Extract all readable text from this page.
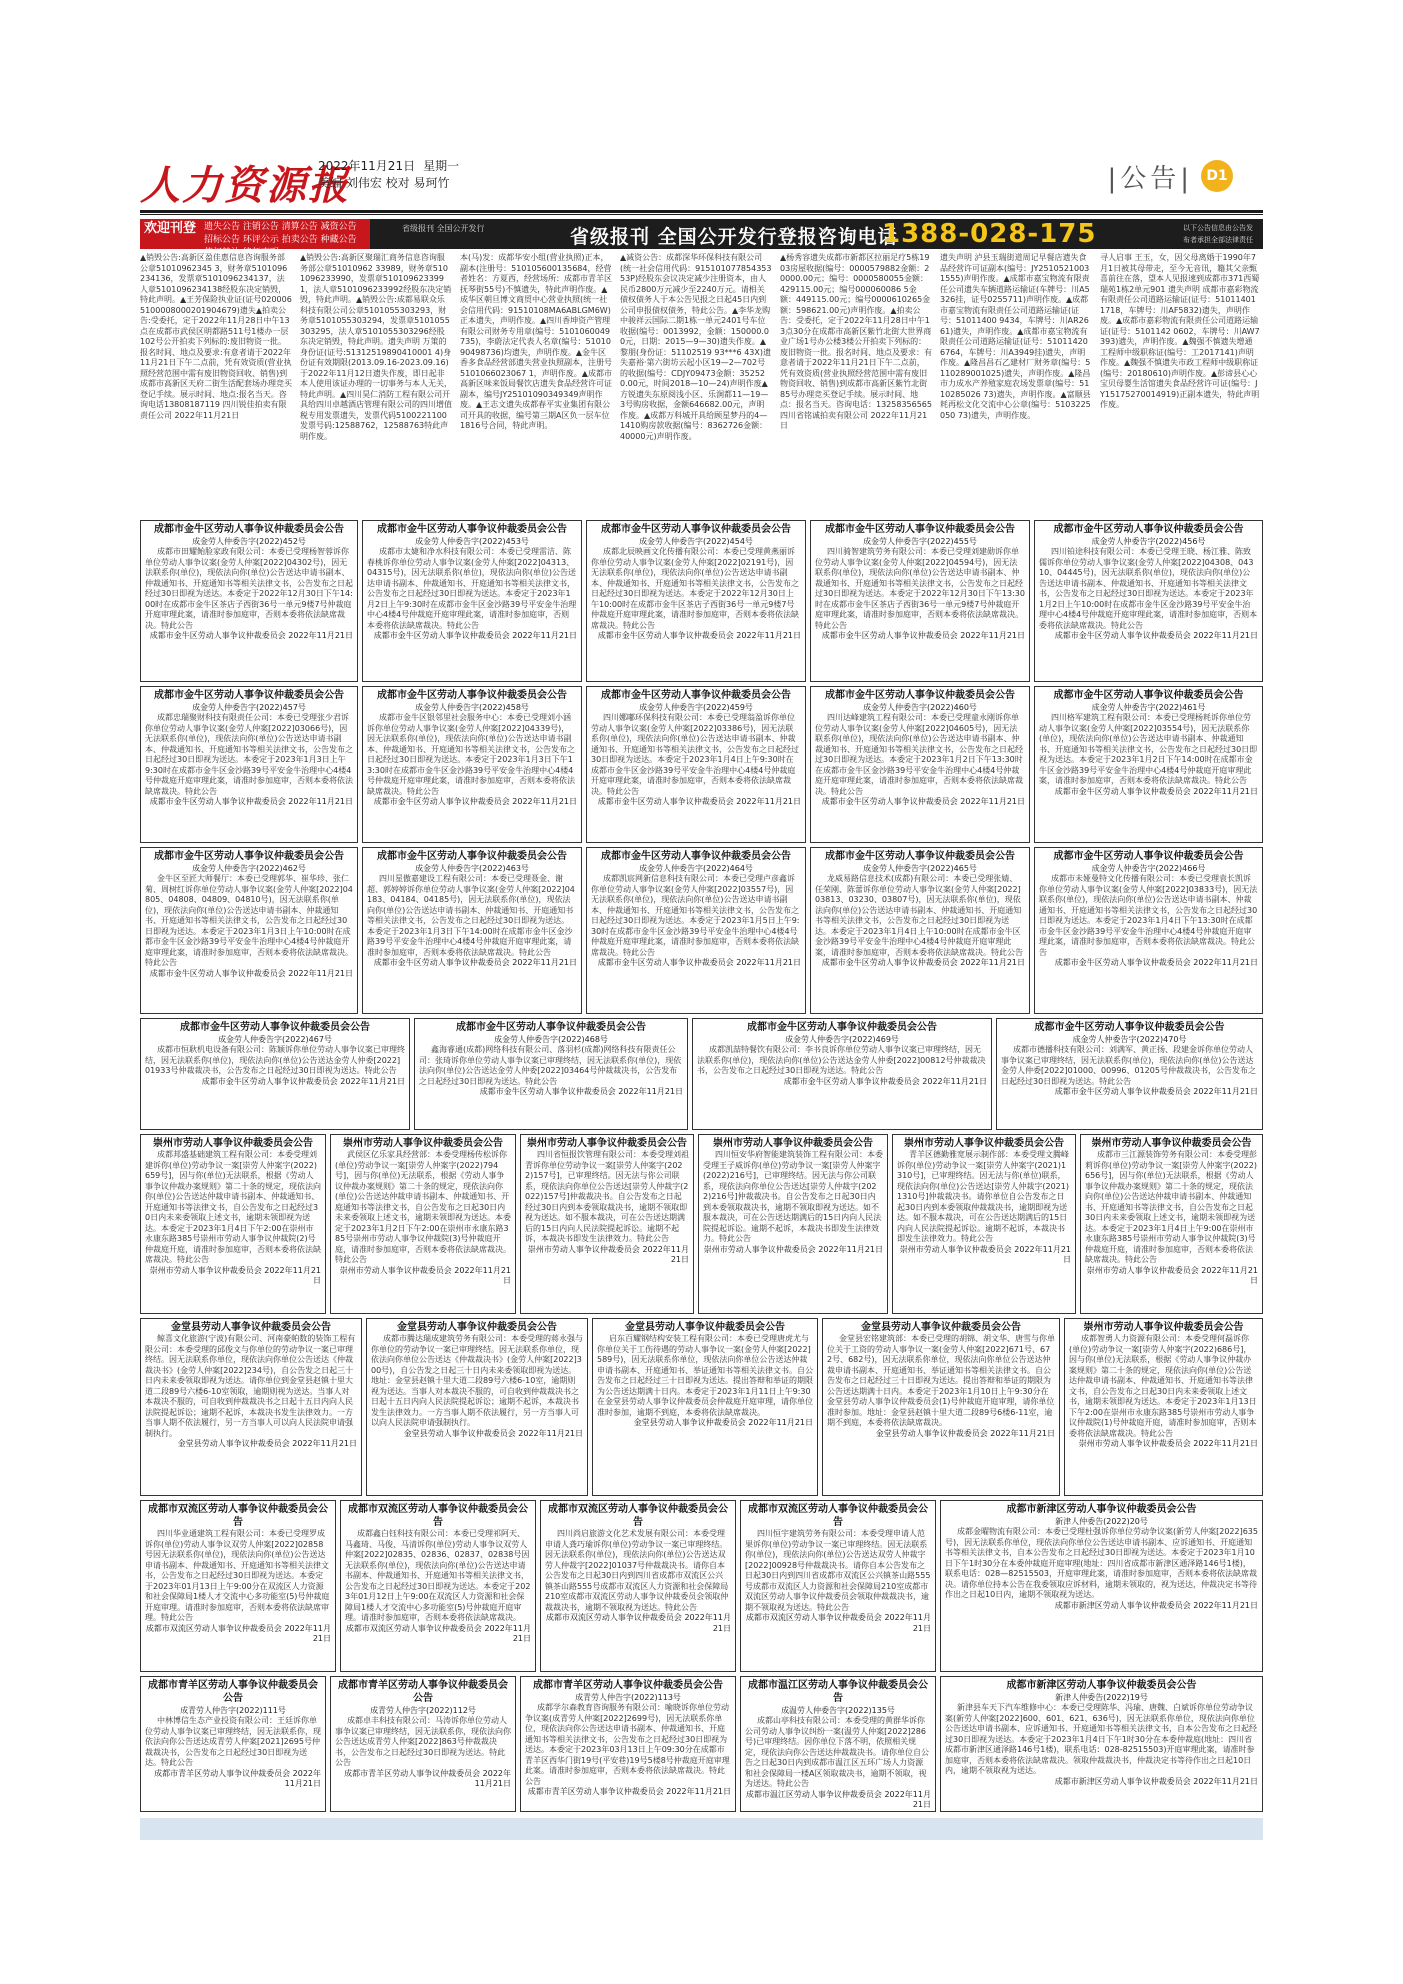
人力资源报
2022年11月21日 星期一
美编 刘伟宏 校对 易珂竹	|公告| D1
欢迎刊登 遗失公告 注销公告 清算公告 减资公告 招标公告 环评公示 拍卖公告 种藏公告
省级报刊 全国公开发行	省级报刊 全国公开发行登报咨询电话
1388-028-175	以下公告信息由公告发布者承担全部法律责任
▲销毁公告:高新区盈佳惠信息咨询服务部公章51010962345 3，财务章5101096234136，发票章5101096234137，法人章5101096234138经股东决定销毁，特此声明。▲王芳保险执业证(证号0200065100008000201904679)遗失▲拍卖公告:受委托，定于2022年11月28日中午13点在成都市武侯区明都路511号1楼办一层102号公开拍卖下列标的:废旧物资一批。报名时间、地点及要求:有意者请于2022年11月21日下午二点前，凭有效资质(营业执照经营范围中需有废旧物资回收、销售)到成都市高新区天府二街生活配套场办理竞买登记手续。展示时间、地点:报名当天。咨询电话13808187119 四川锐佳拍卖有限责任公司 2022年11月21日
▲销毁公告:高新区聚瑞汇商务信息咨询服务部公章51010962 33989，财务章5101096233990，发票章5101096233991，法人章5101096233992经股东决定销毁，特此声明。▲销毁公告:成都易联众乐科技有限公司公章5101055303293，财务章5101055303294，发票章5101055303295，法人章5101055303296经股东决定销毁，特此声明。遗失声明 万策的身份证(证号:51312519890410001 4)身份证有效期限(2013.09.16-2023.09.16)于2022年11月12日遗失作废，即日起非本人使用该证办理的一切事务与本人无关，特此声明。▲四川昊仁消防工程有限公司开具给四川卓越酒店管理有限公司的四川增值税专用发票遗失，发票代码5100221100发票号码:12588762，12588763特此声明作废。
本(马)发：成都华安小组(营业执照)正本，副本(注册号：510105600135684，经营者姓名：方夏西，经营场所：成都市青羊区抚琴街55号)不慎遗失，特此声明作废。▲成华区朝旦博文商贸中心营业执照(统一社会信用代码：91510108MA6ABLGM6W)正本遗失，声明作废。▲四川香坤资产管理有限公司财务专用章(编号：5101060049 735)，李蔚法定代表人名章(编号：5101090498736)均遗失，声明作废。▲金牛区香多食品经营部遗失营业执照副本，注册号5101066023067 1，声明作废。▲成都市高新区味来饭局餐饮店遗失食品经营许可证副本，编号JY25101090349349声明作废。▲王志文遗失成都春平实业集团有限公司开具的收据，编号第三期A区负一层车位1816号合同，特此声明。
▲减资公告：成都深华环保科技有限公司(统一社会信用代码：91510107785435353P)经股东会议决定减少注册资本，由人民币2800万元减少至2240万元。请相关债权债务人于本公告见报之日起45日内到公司申报债权债务，特此公告。▲李华龙购中骏祥云国际二期1栋一单元2401号车位收据(编号：0013992，金额：150000.00元，日期：2015—9—30)遗失作废。▲黎朋(身份证：51102519 93***6 43X)遗失嘉裕·第六街坊云起小区19—2—702号的收据(编号：CDJY09473金额：352520.00元，时间2018—10—24)声明作废▲方锐遗失东原阅浅小区、乐涧都11—19—3号购房收据，金额646682.00元，声明作废。▲成都万科城开具给顾星梦丹的4—1410购房款收据(编号：8362726金额：40000元)声明作废。
▲杨秀容遗失成都市新都区拉丽足疗5栋1903房屋收据(编号：0000579882金额：20000.00元；编号：0000580055金额：429115.00元；编号000060086 5金额：449115.00元；编号0000610265金额：598621.00元)声明作废。▲拍卖公告：受委托，定于2022年11月28日中午13点30分在成都市高新区紫竹北街大世界商业广场1号办公楼3楼公开拍卖下列标的：废旧物资一批。报名时间、地点及要求：有意者请于2022年11月21日下午二点前，凭有效资质(营业执照经营范围中需有废旧物资回收、销售)到成都市高新区紫竹北街85号办理竞买登记手续。展示时间、地点：报名当天。咨询电话：13258356565 四川省铭诚拍卖有限公司 2022年11月21日
遗失声明 泸县玉瑞街道周记早餐店遗失食品经营许可证副本(编号：JY25105210031555)声明作废。▲成都市嘉宝物流有限责任公司遗失车辆道路运输证(车牌号：川A5326挂，证号0255711)声明作废。▲成都市嘉宝物流有限责任公司道路运输证(证号：51011400 9434，车牌号：川AR2661)遗失，声明作废。▲成都市嘉宝物流有限责任公司道路运输证(证号：51011420 6764，车牌号：川A3949挂)遗失，声明作废。▲隆昌昌石乙建材厂财务章(编号：5110289001025)遗失，声明作废。▲隆昌市力成水产养殖家庭农场发票章(编号：5110285026 73)遗失，声明作废。▲富顺县耗再松文化交流中心公章(编号：5103225050 73)遗失，声明作废。
寻人启事 王玉，女，因父母离婚于1990年7月1日被其母带走，至今无音讯，籍其父亲甄喜前往在落，望本人见报速到成都市371西蜀瑞苑1栋2单元901 遗失声明 成都市嘉彩物流有限责任公司道路运输证(证号：51011401 1718，车牌号：川AF5832)遗失，声明作废。▲成都市嘉彩物流有限责任公司道路运输证(证号：5101142 0602，车牌号：川AW7393)遗失，声明作废。▲魏强不慎遗失增通工程师中级职称证(编号：工2017141)声明作废。▲魏强不慎遗失市政工程师中级职称证(编号：20180610)声明作废。▲彭谛县心心宝贝母婴生活馆遗失食品经营许可证(编号：JY15175270014919)正副本遗失，特此声明作废。
成都市金牛区劳动人事争议仲裁委员会公告
成金劳人仲委告字(2022)452号
成都市田耀鲐脸家政有限公司：本委已受理杨智蓉诉你单位劳动人事争议案(金劳人仲案[2022]04302号)，因无法联系你(单位)，现依法向你(单位)公告送达申请书副本、仲裁通知书、开庭通知书等相关法律文书，公告发布之日起经过30日即视为送达。本委定于2022年12月30日下午14:00时在成都市金牛区茶店子西街36号一单元9楼7号仲裁庭开庭审理此案，请准时参加庭审，否则本委将依法缺席裁决。特此公告
成都市金牛区劳动人事争议仲裁委员会 2022年11月21日
成都市金牛区劳动人事争议仲裁委员会公告
成金劳人仲委告字(2022)453号
成都市太婕和净水科技有限公司：本委已受理雷洁、陈春桃诉你单位劳动人事争议案(金劳人仲案[2022]04313、04315号)，因无法联系你(单位)，现依法向你(单位)公告送达申请书副本、仲裁通知书、开庭通知书等相关法律文书，公告发布之日起经过30日即视为送达。本委定于2023年1月2日上午9:30时在成都市金牛区金沙路39号平安金牛治理中心4楼4号仲裁庭开庭审理此案，请准时参加庭审，否则本委将依法缺席裁决。特此公告
成都市金牛区劳动人事争议仲裁委员会 2022年11月21日
成都市金牛区劳动人事争议仲裁委员会公告
成金劳人仲委告字(2022)454号
成都北辰映画文化传播有限公司：本委已受理黄燕丽诉你单位劳动人事争议案(金劳人仲案[2022]02191号)，因无法联系你(单位)，现依法向你(单位)公告送达申请书副本、仲裁通知书、开庭通知书等相关法律文书，公告发布之日起经过30日即视为送达。本委定于2022年12月30日上午10:00时在成都市金牛区茶店子西街36号一单元9楼7号仲裁庭开庭审理此案，请准时参加庭审，否则本委将依法缺席裁决。特此公告
成都市金牛区劳动人事争议仲裁委员会 2022年11月21日
成都市金牛区劳动人事争议仲裁委员会公告
成金劳人仲委告字(2022)455号
四川骑智建筑劳务有限公司：本委已受理刘建勋诉你单位劳动人事争议案(金劳人仲案[2022]04594号)，因无法联系你(单位)，现依法向你(单位)公告送达申请书副本、仲裁通知书、开庭通知书等相关法律文书，公告发布之日起经过30日即视为送达。本委定于2022年12月30日下午13:30时在成都市金牛区茶店子西街36号一单元9楼7号仲裁庭开庭审理此案，请准时参加庭审，否则本委将依法缺席裁决。特此公告
成都市金牛区劳动人事争议仲裁委员会 2022年11月21日
成都市金牛区劳动人事争议仲裁委员会公告
成金劳人仲委告字(2022)456号
四川铂途科技有限公司：本委已受理王晓、杨江雅、陈致儒诉你单位劳动人事争议案(金劳人仲案[2022]04308、04310、04445号)，因无法联系你(单位)，现依法向你(单位)公告送达申请书副本、仲裁通知书、开庭通知书等相关法律文书，公告发布之日起经过30日即视为送达。本委定于2023年1月2日上午10:00时在成都市金牛区金沙路39号平安金牛治理中心4楼4号仲裁庭开庭审理此案，请准时参加庭审，否则本委将依法缺席裁决。特此公告
成都市金牛区劳动人事争议仲裁委员会 2022年11月21日
成都市金牛区劳动人事争议仲裁委员会公告
成金劳人仲委告字(2022)457号
成都忠瑞聚财科技有限责任公司：本委已受理张少君诉你单位劳动人事争议案(金劳人仲案[2022]03066号)，因无法联系你(单位)，现依法向你(单位)公告送达申请书副本、仲裁通知书、开庭通知书等相关法律文书，公告发布之日起经过30日即视为送达。本委定于2023年1月3日上午9:30时在成都市金牛区金沙路39号平安金牛治理中心4楼4号仲裁庭开庭审理此案，请准时参加庭审，否则本委将依法缺席裁决。特此公告
成都市金牛区劳动人事争议仲裁委员会 2022年11月21日
成都市金牛区劳动人事争议仲裁委员会公告
成金劳人仲委告字(2022)458号
成都市金牛区银邻里社会服务中心：本委已受理刘小涵诉你单位劳动人事争议案(金劳人仲案[2022]04339号)，因无法联系你(单位)，现依法向你(单位)公告送达申请书副本、仲裁通知书、开庭通知书等相关法律文书，公告发布之日起经过30日即视为送达。本委定于2023年1月3日下午13:30时在成都市金牛区金沙路39号平安金牛治理中心4楼4号仲裁庭开庭审理此案，请准时参加庭审，否则本委将依法缺席裁决。特此公告
成都市金牛区劳动人事争议仲裁委员会 2022年11月21日
成都市金牛区劳动人事争议仲裁委员会公告
成金劳人仲委告字(2022)459号
四川娜嘟环保科技有限公司：本委已受理翁盈诉你单位劳动人事争议案(金劳人仲案[2022]03386号)，因无法联系你(单位)，现依法向你(单位)公告送达申请书副本、仲裁通知书、开庭通知书等相关法律文书，公告发布之日起经过30日即视为送达。本委定于2023年1月4日上午9:30时在成都市金牛区金沙路39号平安金牛治理中心4楼4号仲裁庭开庭审理此案，请准时参加庭审，否则本委将依法缺席裁决。特此公告
成都市金牛区劳动人事争议仲裁委员会 2022年11月21日
成都市金牛区劳动人事争议仲裁委员会公告
成金劳人仲委告字(2022)460号
四川达峰建筑工程有限公司：本委已受理童永刚诉你单位劳动人事争议案(金劳人仲案[2022]04605号)，因无法联系你(单位)，现依法向你(单位)公告送达申请书副本、仲裁通知书、开庭通知书等相关法律文书，公告发布之日起经过30日即视为送达。本委定于2023年1月2日下午13:30时在成都市金牛区金沙路39号平安金牛治理中心4楼4号仲裁庭开庭审理此案，请准时参加庭审，否则本委将依法缺席裁决。特此公告
成都市金牛区劳动人事争议仲裁委员会 2022年11月21日
成都市金牛区劳动人事争议仲裁委员会公告
成金劳人仲委告字(2022)461号
四川格军建筑工程有限公司：本委已受理杨耗诉你单位劳动人事争议案(金劳人仲案[2022]03554号)，因无法联系你(单位)，现依法向你(单位)公告送达申请书副本、仲裁通知书、开庭通知书等相关法律文书，公告发布之日起经过30日即视为送达。本委定于2023年1月2日下午14:00时在成都市金牛区金沙路39号平安金牛治理中心4楼4号仲裁庭开庭审理此案，请准时参加庭审，否则本委将依法缺席裁决。特此公告
成都市金牛区劳动人事争议仲裁委员会 2022年11月21日
成都市金牛区劳动人事争议仲裁委员会公告
成金劳人仲委告字(2022)462号
金牛区至匠大师餐厅：本委已受理郭华、崔华珍、张仁菊、周树红诉你单位劳动人事争议案(金劳人仲案[2022]04805、04808、04809、04810号)，因无法联系你(单位)，现依法向你(单位)公告送达申请书副本、仲裁通知书、开庭通知书等相关法律文书，公告发布之日起经过30日即视为送达。本委定于2023年1月3日上午10:00时在成都市金牛区金沙路39号平安金牛治理中心4楼4号仲裁庭开庭审理此案，请准时参加庭审，否则本委将依法缺席裁决。特此公告
成都市金牛区劳动人事争议仲裁委员会 2022年11月21日
成都市金牛区劳动人事争议仲裁委员会公告
成金劳人仲委告字(2022)463号
四川星傲嘉建设工程有限公司：本委已受理聂金、谢超、郭婷婷诉你单位劳动人事争议案(金劳人仲案[2022]04183、04184、04185号)，因无法联系你(单位)，现依法向你(单位)公告送达申请书副本、仲裁通知书、开庭通知书等相关法律文书，公告发布之日起经过30日即视为送达。本委定于2023年1月3日下午14:00时在成都市金牛区金沙路39号平安金牛治理中心4楼4号仲裁庭开庭审理此案，请准时参加庭审，否则本委将依法缺席裁决。特此公告
成都市金牛区劳动人事争议仲裁委员会 2022年11月21日
成都市金牛区劳动人事争议仲裁委员会公告
成金劳人仲委告字(2022)464号
成都凯宸网新信息科技有限公司：本委已受理卢彦鑫诉你单位劳动人事争议案(金劳人仲案[2022]03557号)，因无法联系你(单位)，现依法向你(单位)公告送达申请书副本、仲裁通知书、开庭通知书等相关法律文书，公告发布之日起经过30日即视为送达。本委定于2023年1月5日上午9:30时在成都市金牛区金沙路39号平安金牛治理中心4楼4号仲裁庭开庭审理此案，请准时参加庭审，否则本委将依法缺席裁决。特此公告
成都市金牛区劳动人事争议仲裁委员会 2022年11月21日
成都市金牛区劳动人事争议仲裁委员会公告
成金劳人仲委告字(2022)465号
龙威易路信息技术(成都)有限公司：本委已受理张婧、任荣刚、陈蕾诉你单位劳动人事争议案(金劳人仲案[2022]03813、03230、03807号)，因无法联系你(单位)，现依法向你(单位)公告送达申请书副本、仲裁通知书、开庭通知书等相关法律文书，公告发布之日起经过30日即视为送达。本委定于2023年1月4日上午10:00时在成都市金牛区金沙路39号平安金牛治理中心4楼4号仲裁庭开庭审理此案，请准时参加庭审，否则本委将依法缺席裁决。特此公告
成都市金牛区劳动人事争议仲裁委员会 2022年11月21日
成都市金牛区劳动人事争议仲裁委员会公告
成金劳人仲委告字(2022)466号
成都市未娅曼特文化传播有限公司：本委已受理袁长凯诉你单位劳动人事争议案(金劳人仲案[2022]03833号)，因无法联系你(单位)，现依法向你(单位)公告送达申请书副本、仲裁通知书、开庭通知书等相关法律文书，公告发布之日起经过30日即视为送达。本委定于2023年1月4日下午13:30时在成都市金牛区金沙路39号平安金牛治理中心4楼4号仲裁庭开庭审理此案，请准时参加庭审，否则本委将依法缺席裁决。特此公告
成都市金牛区劳动人事争议仲裁委员会 2022年11月21日
成都市金牛区劳动人事争议仲裁委员会公告
成金劳人仲委告字(2022)467号
成都市恒耿机电设备有限公司：陈颖诉你单位劳动人事争议案已审理终结，因无法联系你(单位)，现依法向你(单位)公告送达金劳人仲委[2022]01933号仲裁裁决书，公告发布之日起经过30日即视为送达。特此公告
成都市金牛区劳动人事争议仲裁委员会 2022年11月21日
成都市金牛区劳动人事争议仲裁委员会公告
成金劳人仲委告字(2022)468号
鑫海睿通(成都)网络科技有限公司、落羽杉(成都)网络科技有限责任公司：张琦诉你单位劳动人事争议案已审理终结，因无法联系你(单位)，现依法向你(单位)公告送达金劳人仲委[2022]03464号仲裁裁决书，公告发布之日起经过30日即视为送达。特此公告
成都市金牛区劳动人事争议仲裁委员会 2022年11月21日
成都市金牛区劳动人事争议仲裁委员会公告
成金劳人仲委告字(2022)469号
成都凯喆特餐饮有限公司：李书良诉你单位劳动人事争议案已审理终结，因无法联系你(单位)，现依法向你(单位)公告送达金劳人仲委[2022]00812号仲裁裁决书，公告发布之日起经过30日即视为送达。特此公告
成都市金牛区劳动人事争议仲裁委员会 2022年11月21日
成都市金牛区劳动人事争议仲裁委员会公告
成金劳人仲委告字(2022)470号
成都市德播科技有限公司：刘满军、黄正扬、段建金诉你单位劳动人事争议案已审理终结，因无法联系你(单位)，现依法向你(单位)公告送达金劳人仲委[2022]01000、00996、01205号仲裁裁决书，公告发布之日起经过30日即视为送达。特此公告
成都市金牛区劳动人事争议仲裁委员会 2022年11月21日
崇州市劳动人事争议仲裁委员会公告
成都邦盛基础建筑工程有限公司：本委受理刘建诉你(单位)劳动争议一案[崇劳人仲案字(2022)659号]，因与你(单位)无法联系，根据《劳动人事争议仲裁办案规则》第二十条的规定，现依法向你(单位)公告送达仲裁申请书副本、仲裁通知书、开庭通知书等法律文书，自公告发布之日起经过30日内未来委领取上述文书，逾期未领即视为送达。本委定于2023年1月4日下午2:00在崇州市永康东路385号崇州市劳动人事争议仲裁院(2)号仲裁庭开庭，请准时参加庭审，否则本委将依法缺席裁决。特此公告
崇州市劳动人事争议仲裁委员会 2022年11月21日
崇州市劳动人事争议仲裁委员会公告
武侯区亿乐家具经营部：本委受理杨传松诉你(单位)劳动争议一案[崇劳人仲案字(2022)794号]，因与你(单位)无法联系，根据《劳动人事争议仲裁办案规则》第二十条的规定，现依法向你(单位)公告送达仲裁申请书副本、仲裁通知书、开庭通知书等法律文书，自公告发布之日起30日内未来委领取上述文书，逾期未领即视为送达。本委定于2023年1月2日下午2:00在崇州市永康东路385号崇州市劳动人事争议仲裁院(3)号仲裁庭开庭，请准时参加庭审，否则本委将依法缺席裁决。特此公告
崇州市劳动人事争议仲裁委员会 2022年11月21日
崇州市劳动人事争议仲裁委员会公告
四川省恒报饮管理有限公司：本委受理刘祖青诉你单位劳动争议一案[崇劳人仲案字(2022)157号]，已审理终结。因无法与你公司联系，现依法向你单位公告送达[崇劳人仲裁字(2022)157号]仲裁裁决书。自公告发布之日起经过30日内到本委领取裁决书，逾期不领取即视为送达。如不服本裁决，可在公告送达期满后的15日内向人民法院提起诉讼。逾期不起诉，本裁决书即发生法律效力。特此公告
崇州市劳动人事争议仲裁委员会 2022年11月21日
崇州市劳动人事争议仲裁委员会公告
四川恒安华府智能建筑装饰工程有限公司：本委受理王子威诉你(单位)劳动争议一案[崇劳人仲案字(2022)216号]，已审理终结。因无法与你公司联系，现依法向你单位公告送达[崇劳人仲裁字(2022)216号]仲裁裁决书。自公告发布之日起30日内到本委领取裁决书，逾期不领取即视为送达。如不服本裁决，可在公告送达期满后的15日内向人民法院提起诉讼。逾期不起诉，本裁决书即发生法律效力。特此公告
崇州市劳动人事争议仲裁委员会 2022年11月21日
崇州市劳动人事争议仲裁委员会公告
青羊区德勤雅宽展示制作部：本委受理文腾峰诉你(单位)劳动争议一案[崇劳人仲案字(2021)1310号]，已审理终结。因无法与你(单位)联系，现依法向你(单位)公告送达[崇劳人仲裁字(2021)1310号]仲裁裁决书。请你单位自公告发布之日起30日内到本委领取仲裁裁决书，逾期即视为送达。如不服本裁决，可在公告送达期满后的15日内向人民法院提起诉讼。逾期不起诉，本裁决书即发生法律效力。特此公告
崇州市劳动人事争议仲裁委员会 2022年11月21日
崇州市劳动人事争议仲裁委员会公告
成都市三江源装饰劳务有限公司：本委受理彭莉诉你(单位)劳动争议一案[崇劳人仲案字(2022)656号]，因与你(单位)无法联系，根据《劳动人事争议仲裁办案规则》第二十条的规定，现依法向你(单位)公告送达仲裁申请书副本、仲裁通知书、开庭通知书等法律文书，自公告发布之日起30日内未来委领取上述文书，逾期未领即视为送达。本委定于2023年1月4日上午9:00在崇州市永康东路385号崇州市劳动人事争议仲裁院(3)号仲裁庭开庭，请准时参加庭审，否则本委将依法缺席裁决。特此公告
崇州市劳动人事争议仲裁委员会 2022年11月21日
金堂县劳动人事争议仲裁委员会公告
鲸喜文化旅游(宁波)有限公司、河南豪帕数的装饰工程有限公司：本委受理的邱俊文与你单位的劳动争议一案已审理终结。因无法联系你单位，现依法向你单位公告送达《仲裁裁决书》(金劳人仲案[2022]234号)，自公告发之日起三十日内未来委领取即视为送达。请你单位到金堂县赵镇十里大道二段89号六楼6-10室领取，逾期则视为送达。当事人对本裁决不服的，可自收到仲裁裁决书之日起十五日内向人民法院提起诉讼；逾期不起诉，本裁决书发生法律效力。一方当事人期不依法履行，另一方当事人可以向人民法院申请强制执行。
金堂县劳动人事争议仲裁委员会 2022年11月21日
金堂县劳动人事争议仲裁委员会公告
成都市腾达瑞成建筑劳务有限公司：本委受理的蒋永强与你单位的劳动争议一案已审理终结。因无法联系你单位，现依法向你单位公告送达《仲裁裁决书》(金劳人仲案[2022]300号)，自公告发之日起三十日内未来委领取即视为送达。地址：金堂县赵镇十里大道二段89号六楼6-10室，逾期则视为送达。当事人对本裁决不服的，可自收到仲裁裁决书之日起十五日内向人民法院提起诉讼；逾期不起诉，本裁决书发生法律效力。一方当事人期不依法履行，另一方当事人可以向人民法院申请强制执行。
金堂县劳动人事争议仲裁委员会 2022年11月21日
金堂县劳动人事争议仲裁委员会公告
启东百耀钢结构安装工程有限公司：本委已受理唐虎尤与你单位关于工伤待遇的劳动人事争议一案(金劳人仲案[2022]589号)，因无法联系你单位，现依法向你单位公告送达仲裁申请书副本、开庭通知书、举证通知书等相关法律文书。自公告发布之日起经过三十日即视为送达。提出答辩和举证的期限为公告送达期满十日内。本委定于2023年1月11日上午9:30在金堂县劳动人事争议仲裁委员会仲裁庭开庭审理，请你单位准时参加，逾期不到庭，本委将依法缺席裁决。
金堂县劳动人事争议仲裁委员会 2022年11月21日
金堂县劳动人事争议仲裁委员会公告
金堂县宏铭建筑部：本委已受理的胡锦、胡文华、唐雪与你单位关于工资的劳动人事争议一案(金劳人仲案[2022]671号、672号、682号)，因无法联系你单位，现依法向你单位公告送达仲裁申请书副本、开庭通知书、举证通知书等相关法律文书。自公告发布之日起经过三十日即视为送达。提出答辩和举证的期限为公告送达期满十日内。本委定于2023年1月10日上午9:30分在金堂县劳动人事争议仲裁委员会(1)号仲裁庭开庭审理，请你单位准时参加。地址：金堂县赵镇十里大道二段89号6楼6-11室，逾期不到庭，本委将依法缺席裁决。
金堂县劳动人事争议仲裁委员会 2022年11月21日
崇州市劳动人事争议仲裁委员会公告
成都智勇人力资源有限公司：本委受理何磊诉你(单位)劳动争议一案[崇劳人仲案字(2022)686号]，因与你(单位)无法联系，根据《劳动人事争议仲裁办案规则》第二十条的规定，现依法向你(单位)公告送达仲裁申请书副本、仲裁通知书、开庭通知书等法律文书，自公告发布之日起30日内未来委领取上述文书，逾期未领即视为送达。本委定于2023年1月13日下午2:00在崇州市永康东路385号崇州市劳动人事争议仲裁院(1)号仲裁庭开庭，请准时参加庭审，否则本委将依法缺席裁决。特此公告
崇州市劳动人事争议仲裁委员会 2022年11月21日
成都市双流区劳动人事争议仲裁委员会公告
四川华业通建筑工程有限公司：本委已受理罗成诉你(单位)劳动人事争议双劳人仲案[2022]02858号因无法联系你(单位)，现依法向你(单位)公告送达申请书副本、仲裁通知书、开庭通知书等相关法律文书，公告发布之日起经过30日即视为送达。本委定于2023年01月13日上午9:00分在双流区人力资源和社会保障局1楼人才交流中心多功能室(5)号仲裁庭开庭审理。请准时参加庭审，否则本委将依法缺席审理。特此公告
成都市双流区劳动人事争议仲裁委员会 2022年11月21日
成都市双流区劳动人事争议仲裁委员会公告
成都鑫白钰科技有限公司：本委已受理祁阿天、马鑫琦、马俊、马清诉你(单位)劳动人事争议双劳人仲案[2022]02835、02836、02837、02838号因无法联系你(单位)，现依法向你(单位)公告送达申请书副本、仲裁通知书、开庭通知书等相关法律文书，公告发布之日起经过30日即视为送达。本委定于2023年01月12日上午9:00在双流区人力资源和社会保障局1楼人才交流中心多功能室(5)号仲裁庭开庭审理。请准时参加庭审，否则本委将依法缺席裁决。
成都市双流区劳动人事争议仲裁委员会 2022年11月21日
成都市双流区劳动人事争议仲裁委员会公告
四川尚启旅游文化艺术发展有限公司：本委受理申请人龚巧瑜诉你(单位)劳动争议一案已审理终结。因无法联系你(单位)，现依法向你(单位)公告送达双劳人仲裁字[2022]01037号仲裁裁决书。请你自本公告发布之日起30日内到四川省成都市双流区公兴镇茶山路555号成都市双流区人力资源和社会保障局210室成都市双流区劳动人事争议仲裁委员会领取仲裁裁决书，逾期不领取视为送达。特此公告
成都市双流区劳动人事争议仲裁委员会 2022年11月21日
成都市双流区劳动人事争议仲裁委员会公告
四川恒宇建筑劳务有限公司：本委受理申请人范果诉你(单位)劳动争议一案已审理终结。因无法联系你(单位)，现依法向你(单位)公告送达双劳人仲裁字[2022]00928号仲裁裁决书。请你自本公告发布之日起30日内到四川省成都市双流区公兴镇茶山路555号成都市双流区人力资源和社会保障局210室成都市双流区劳动人事争议仲裁委员会领取仲裁裁决书，逾期不领取视为送达。特此公告
成都市双流区劳动人事争议仲裁委员会 2022年11月21日
成都市新津区劳动人事争议仲裁委员会公告
新津人仲委告(2022)20号
成都金曜物流有限公司：本委已受理杜强诉你单位劳动争议案(新劳人仲案[2022]635号)，因无法联系你单位，现依法向你单位公告送达申请书副本、应诉通知书、开庭通知书等相关法律文书，自本公告发布之日起经过30日即视为送达。本委定于2023年1月10日下午1时30分在本委仲裁庭开庭审理(地址：四川省成都市新津区通泽路146号1楼)，联系电话：028—82515503，开庭审理此案，请准时参加庭审，否则本委将依法缺席裁决。请你单位持本公告在我委领取应诉材料，逾期未领取的，视为送达，仲裁决定书等待作出之日起10日内，逾期不领取视为送达。
成都市新津区劳动人事争议仲裁委员会 2022年11月21日
成都市青羊区劳动人事争议仲裁委员会公告
成青劳人仲告字(2022)111号
中林博信生态产业投资有限公司：王廷诉你单位劳动人事争议案已审理终结，因无法联系你，现依法向你公告送达成青劳人仲案[2021]2695号仲裁裁决书，公告发布之日起经过30日即视为送达。特此公告
成都市青羊区劳动人事争议仲裁委员会 2022年11月21日
成都市青羊区劳动人事争议仲裁委员会公告
成青劳人仲告字(2022)112号
成都卓丰科技有限公司：马涛诉你单位劳动人事争议案已审理终结，因无法联系你，现依法向你公告送达成青劳人仲案[2022]863号仲裁裁决书，公告发布之日起经过30日即视为送达。特此公告
成都市青羊区劳动人事争议仲裁委员会 2022年11月21日
成都市青羊区劳动人事争议仲裁委员会公告
成青劳人仲告字(2022)113号
成都学尔森教育咨询服务有限公司：喻晓诉你单位劳动争议案(成青劳人仲案[2022]2699号)，因无法联系你单位，现依法向你公告送达申请书副本、仲裁通知书、开庭通知书等相关法律文书，公告发布之日起经过30日即视为送达。本委定于2023年03月13日上午09:30分在成都市青羊区西华门街19号(平安巷)19号5楼8号仲裁庭开庭审理此案。请准时参加庭审，否则本委将依法缺席裁决。特此公告
成都市青羊区劳动人事争议仲裁委员会 2022年11月21日
成都市温江区劳动人事争议仲裁委员会公告
成温劳人仲委告字(2022)135号
成都山亭科技有限公司：本委受理的黄群华诉你公司劳动人事争议纠纷一案(温劳人仲案[2022]286号)已审理终结。因你单位下落不明，依照相关规定，现依法向你公告送达仲裁裁决书。请你单位自公告之日起30日内到成都市温江区五环广场人力资源和社会保障局一楼A区领取裁决书，逾期不领取，视为送达。特此公告
成都市温江区劳动人事争议仲裁委员会 2022年11月21日
成都市新津区劳动人事争议仲裁委员会公告
新津人仲委告(2022)19号
新津县车天下汽车维修中心：本委已受理陈华、冯瑜、唐魏、白斌诉你单位劳动争议案(新劳人仲案[2022]600、601、621、636号)，因无法联系你单位，现依法向你单位公告送达申请书副本、应诉通知书、开庭通知书等相关法律文书，自本公告发布之日起经过30日即视为送达。本委定于2023年1月4日下午1时30分在本委仲裁庭(地址：四川省成都市新津区通泽路146号1楼)，联系电话：028-82515503)开庭审理此案，请准时参加庭审，否则本委将依法缺席裁决。领取仲裁裁决书，仲裁决定书等待作出之日起10日内，逾期不领取视为送达。
成都市新津区劳动人事争议仲裁委员会 2022年11月21日
